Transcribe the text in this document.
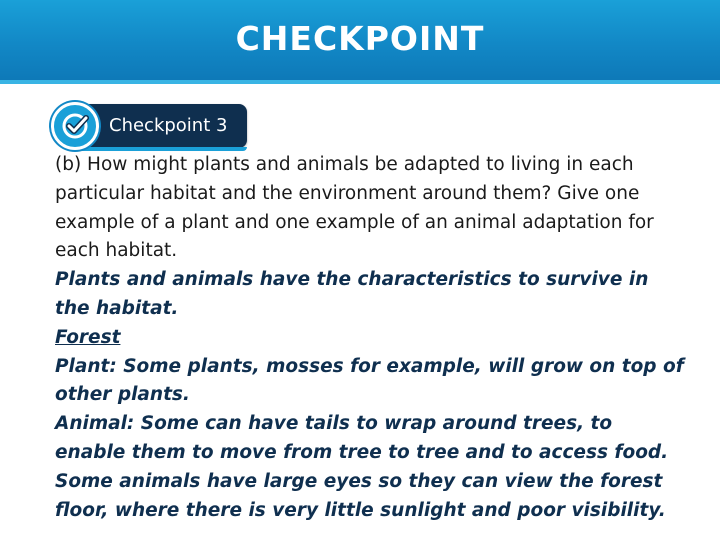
CHECKPOINT
Checkpoint 3

(b) How might plants and animals be adapted to living in each particular habitat and the environment around them? Give one example of a plant and one example of an animal adaptation for each habitat.

Plants and animals have the characteristics to survive in the habitat.

Forest

Plant: Some plants, mosses for example, will grow on top of other plants.

Animal: Some can have tails to wrap around trees, to enable them to move from tree to tree and to access food. Some animals have large eyes so they can view the forest floor, where there is very little sunlight and poor visibility.
